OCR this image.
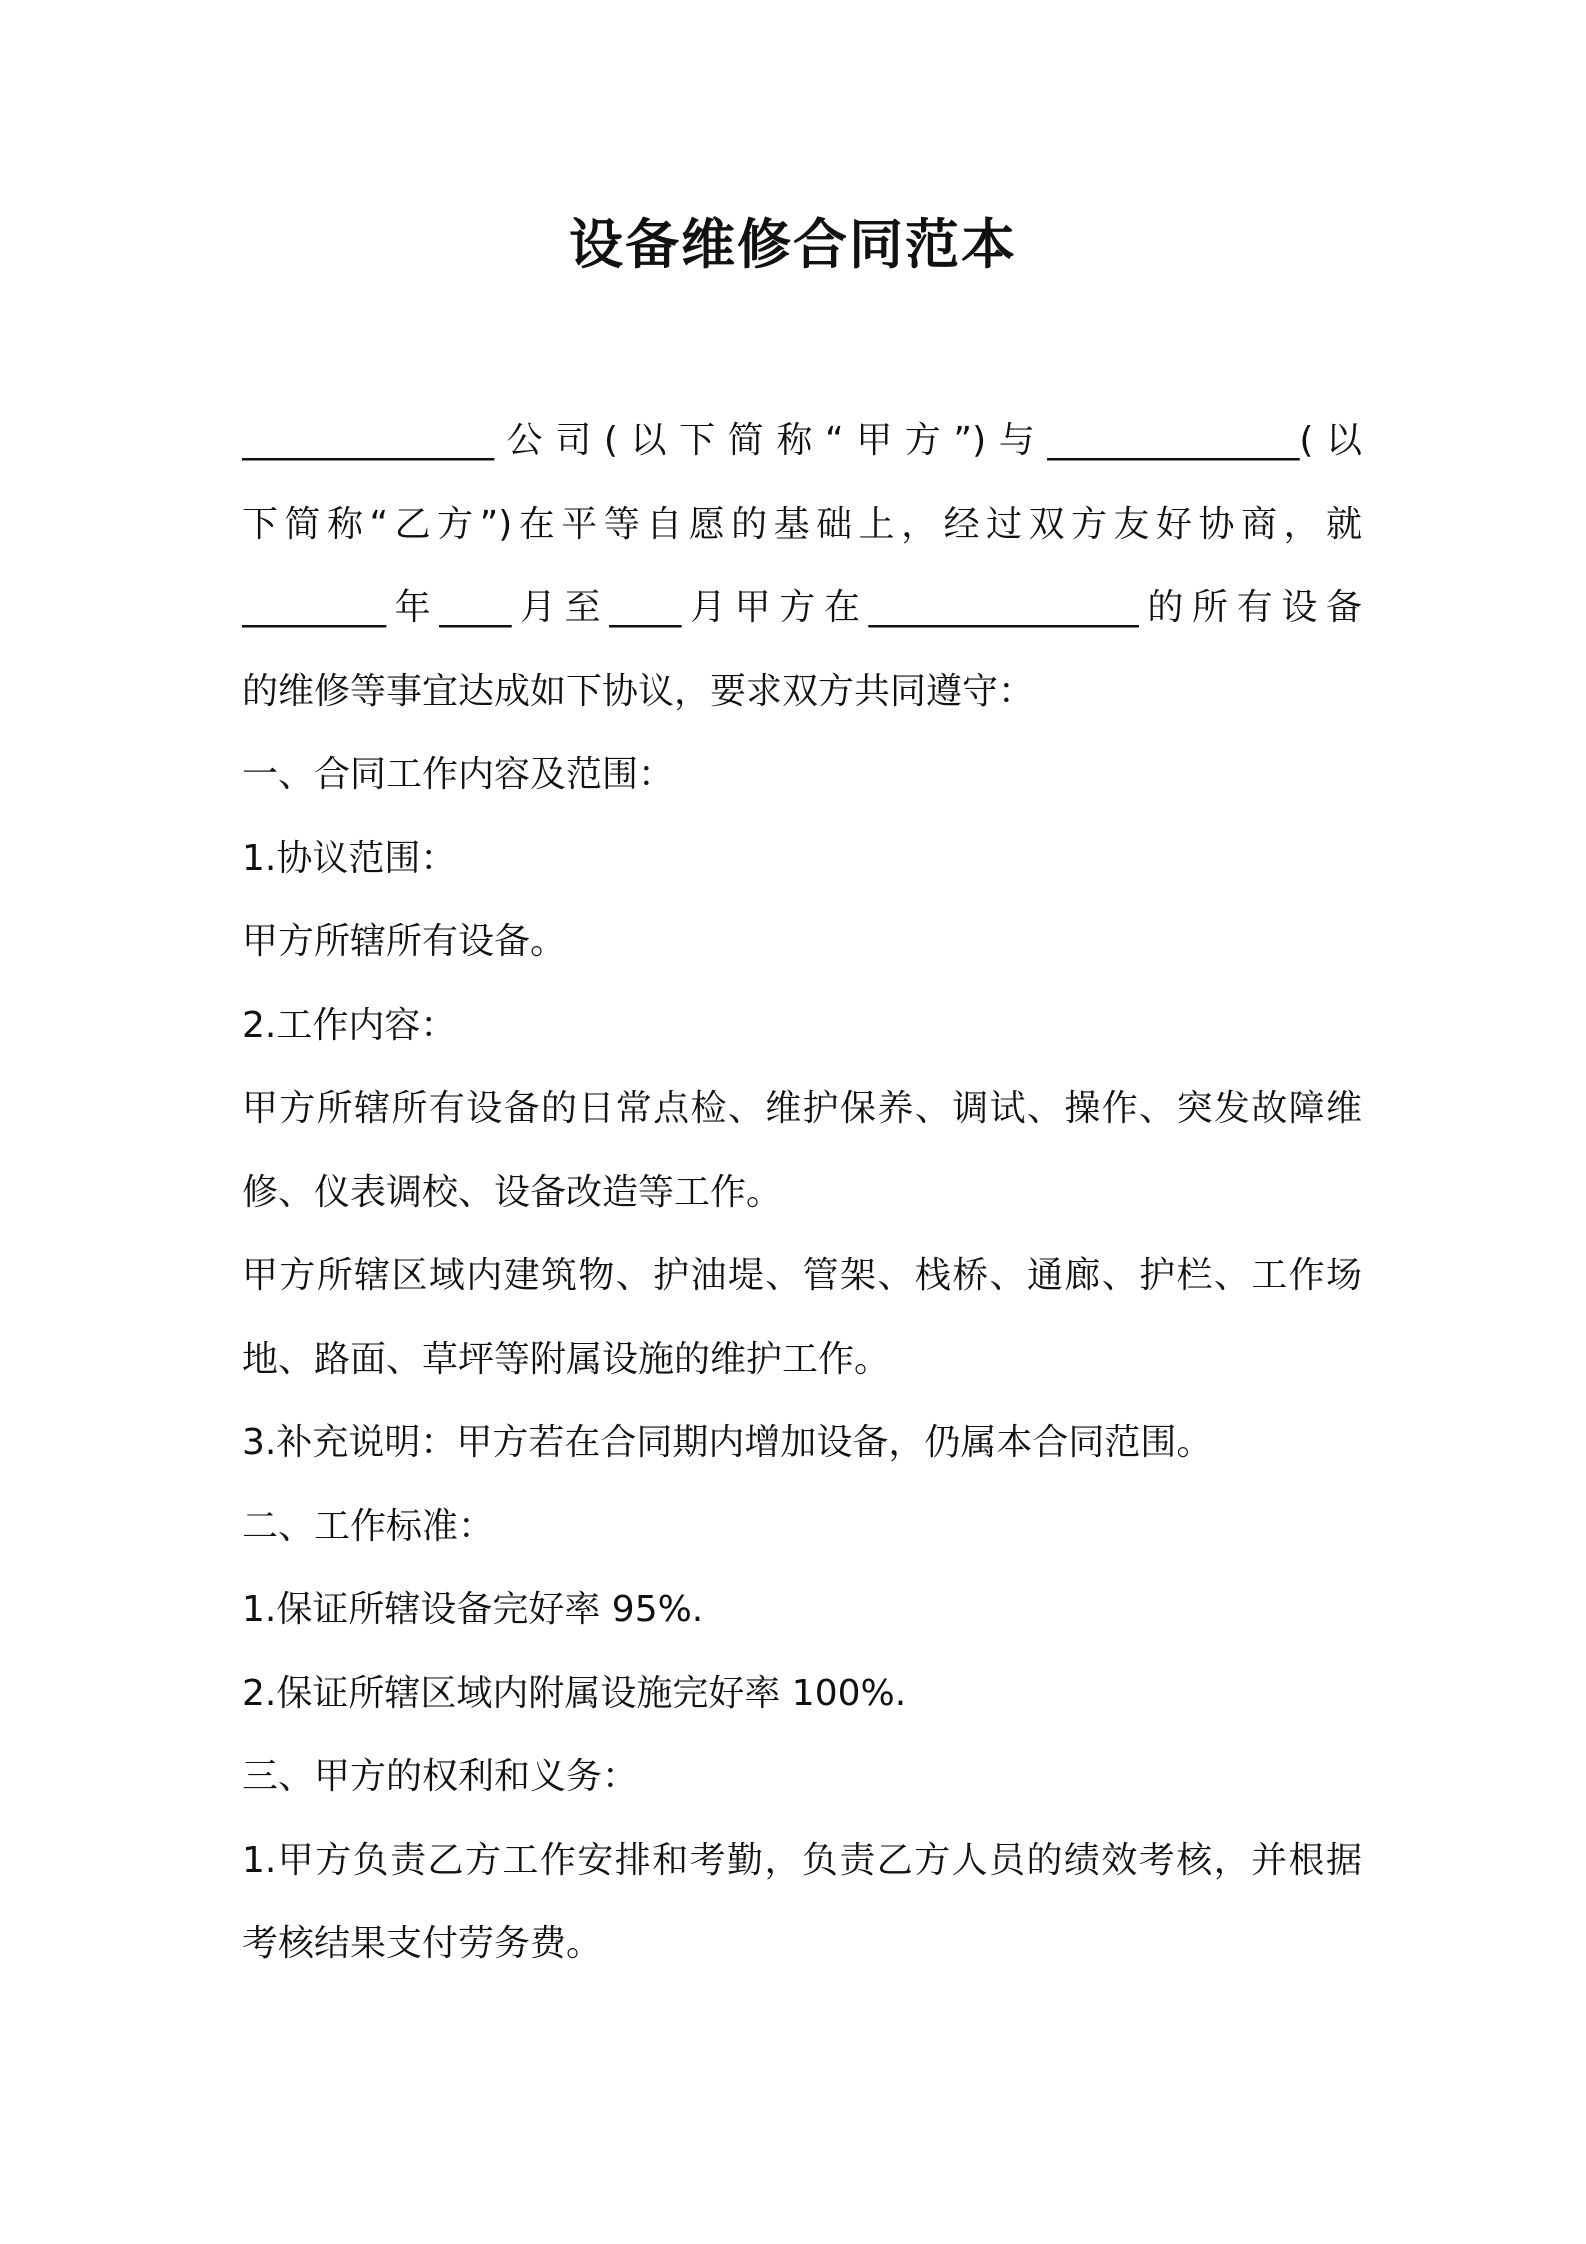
设备维修合同范本
______________公司(以下简称“甲方”)与______________(以
下简称“乙方”)在平等自愿的基础上，经过双方友好协商，就
________年____月至____月甲方在_______________的所有设备
的维修等事宜达成如下协议，要求双方共同遵守：
一、合同工作内容及范围：
1.协议范围：
甲方所辖所有设备。
2.工作内容：
甲方所辖所有设备的日常点检、维护保养、调试、操作、突发故障维
修、仪表调校、设备改造等工作。
甲方所辖区域内建筑物、护油堤、管架、栈桥、通廊、护栏、工作场
地、路面、草坪等附属设施的维护工作。
3.补充说明：甲方若在合同期内增加设备，仍属本合同范围。
二、工作标准：
1.保证所辖设备完好率 95%.
2.保证所辖区域内附属设施完好率 100%.
三、甲方的权利和义务：
1.甲方负责乙方工作安排和考勤，负责乙方人员的绩效考核，并根据
考核结果支付劳务费。
